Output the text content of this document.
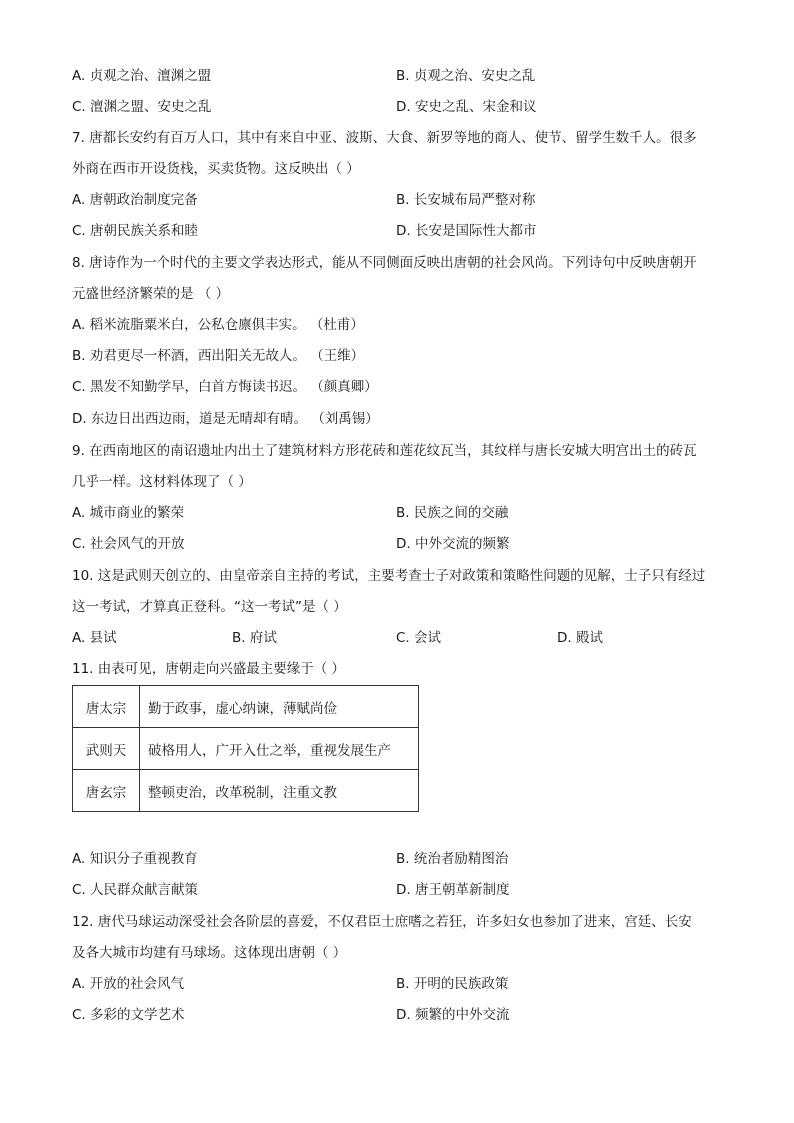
A. 贞观之治、澶渊之盟	B. 贞观之治、安史之乱
C. 澶渊之盟、安史之乱	D. 安史之乱、宋金和议
7. 唐都长安约有百万人口，其中有来自中亚、波斯、大食、新罗等地的商人、使节、留学生数千人。很多
外商在西市开设货栈，买卖货物。这反映出（ ）
A. 唐朝政治制度完备	B. 长安城布局严整对称
C. 唐朝民族关系和睦	D. 长安是国际性大都市
8. 唐诗作为一个时代的主要文学表达形式，能从不同侧面反映出唐朝的社会风尚。下列诗句中反映唐朝开
元盛世经济繁荣的是 （ ）
A. 稻米流脂粟米白，公私仓廪俱丰实。 （杜甫）
B. 劝君更尽一杯酒，西出阳关无故人。 （王维）
C. 黑发不知勤学早，白首方悔读书迟。 （颜真卿）
D. 东边日出西边雨，道是无晴却有晴。 （刘禹锡）
9. 在西南地区的南诏遗址内出土了建筑材料方形花砖和莲花纹瓦当，其纹样与唐长安城大明宫出土的砖瓦
几乎一样。这材料体现了（ ）
A. 城市商业的繁荣	B. 民族之间的交融
C. 社会风气的开放	D. 中外交流的频繁
10. 这是武则天创立的、由皇帝亲自主持的考试，主要考查士子对政策和策略性问题的见解，士子只有经过
这一考试，才算真正登科。“这一考试”是（ ）
A. 县试	B. 府试	C. 会试	D. 殿试
11. 由表可见，唐朝走向兴盛最主要缘于（ ）
唐太宗	勤于政事，虚心纳谏，薄赋尚俭
武则天	破格用人，广开入仕之举，重视发展生产
唐玄宗	整顿吏治，改革税制，注重文教
A. 知识分子重视教育	B. 统治者励精图治
C. 人民群众献言献策	D. 唐王朝革新制度
12. 唐代马球运动深受社会各阶层的喜爱，不仅君臣士庶嗜之若狂，许多妇女也参加了进来，宫廷、长安
及各大城市均建有马球场。这体现出唐朝（ ）
A. 开放的社会风气	B. 开明的民族政策
C. 多彩的文学艺术	D. 频繁的中外交流
